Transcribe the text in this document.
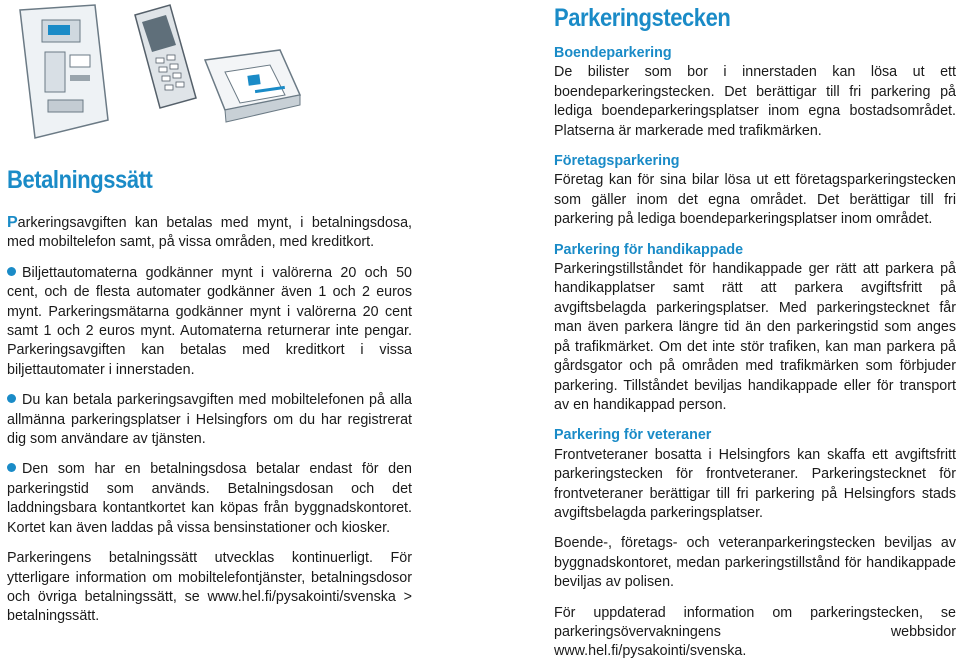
Betalningssätt

Parkeringsavgiften kan betalas med mynt, i betalningsdosa, med mobiltelefon samt, på vissa områden, med kreditkort.

Biljettautomaterna godkänner mynt i valörerna 20 och 50 cent, och de flesta automater godkänner även 1 och 2 euros mynt. Parkeringsmätarna godkänner mynt i valörerna 20 cent samt 1 och 2 euros mynt. Automaterna returnerar inte pengar. Parkeringsavgiften kan betalas med kreditkort i vissa biljettautomater i innerstaden.

Du kan betala parkeringsavgiften med mobiltelefonen på alla allmänna parkeringsplatser i Helsingfors om du har registrerat dig som användare av tjänsten.

Den som har en betalningsdosa betalar endast för den parkeringstid som används. Betalningsdosan och det laddningsbara kontantkortet kan köpas från byggnadskontoret. Kortet kan även laddas på vissa bensinstationer och kiosker.

Parkeringens betalningssätt utvecklas kontinuerligt. För ytterligare information om mobiltelefontjänster, betalningsdosor och övriga betalningssätt, se www.hel.fi/pysakointi/svenska > betalningssätt.

Parkeringstecken
Boendeparkering

De bilister som bor i innerstaden kan lösa ut ett boendeparkeringstecken. Det berättigar till fri parkering på lediga boendeparkeringsplatser inom egna bostadsområdet. Platserna är markerade med trafikmärken.

Företagsparkering

Företag kan för sina bilar lösa ut ett företagsparkeringstecken som gäller inom det egna området. Det berättigar till fri parkering på lediga boendeparkeringsplatser inom området.

Parkering för handikappade

Parkeringstillståndet för handikappade ger rätt att parkera på handikapplatser samt rätt att parkera avgiftsfritt på avgiftsbelagda parkeringsplatser. Med parkeringstecknet får man även parkera längre tid än den parkeringstid som anges på trafikmärket. Om det inte stör trafiken, kan man parkera på gårdsgator och på områden med trafikmärken som förbjuder parkering. Tillståndet beviljas handikappade eller för transport av en handikappad person.

Parkering för veteraner

Frontveteraner bosatta i Helsingfors kan skaffa ett avgiftsfritt parkeringstecken för frontveteraner. Parkeringstecknet för frontveteraner berättigar till fri parkering på Helsingfors stads avgiftsbelagda parkeringsplatser.

Boende-, företags- och veteranparkeringstecken beviljas av byggnadskontoret, medan parkeringstillstånd för handikappade beviljas av polisen.

För uppdaterad information om parkeringstecken, se parkeringsövervakningens webbsidor www.hel.fi/pysakointi/svenska.
